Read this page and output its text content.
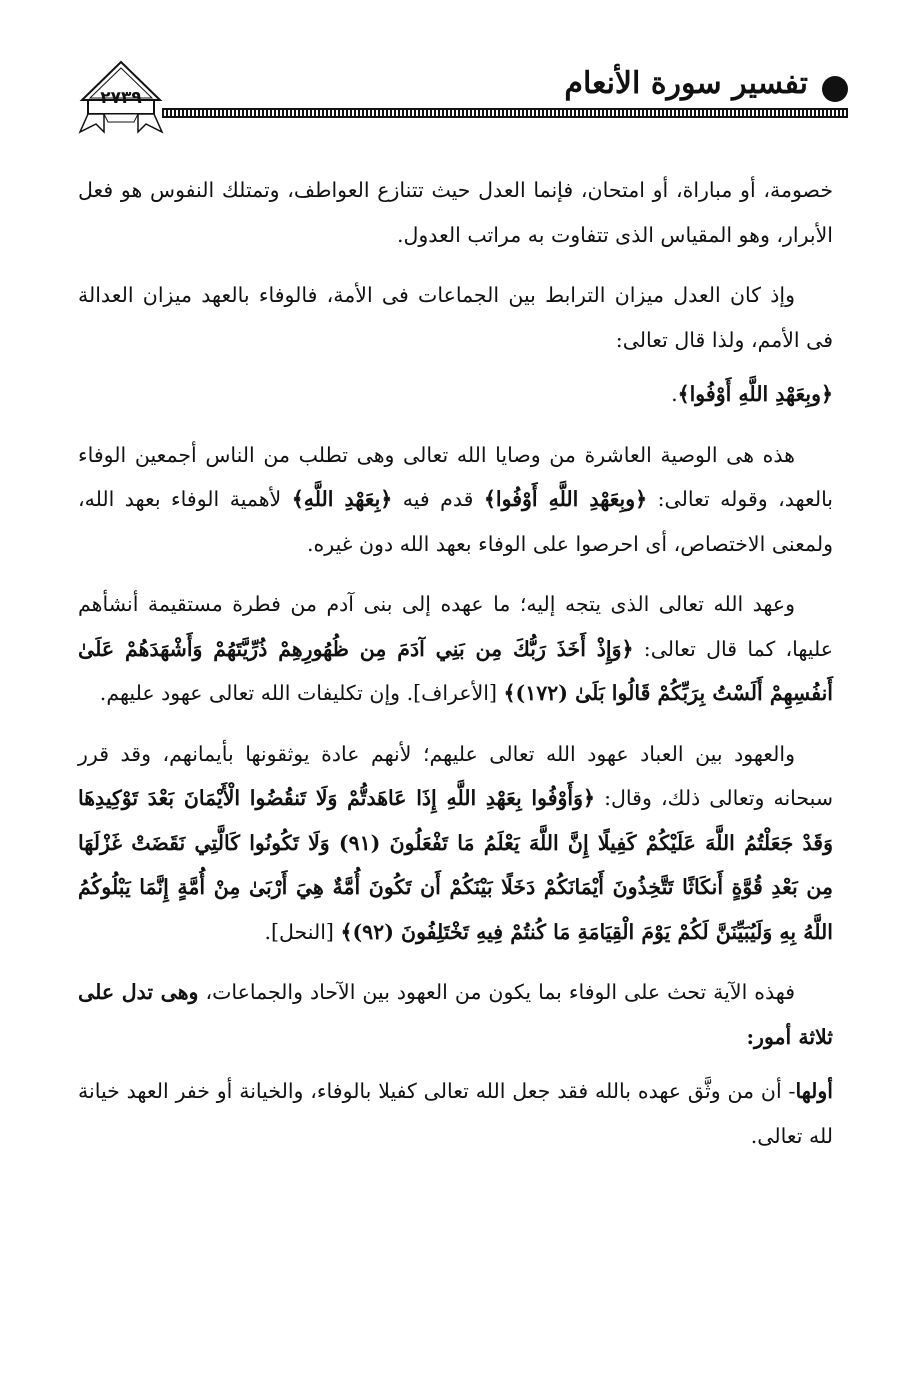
تفسير سورة الأنعام
٢٧٣٩

خصومة، أو مباراة، أو امتحان، فإنما العدل حيث تتنازع العواطف، وتمتلك النفوس هو فعل الأبرار، وهو المقياس الذى تتفاوت به مراتب العدول.

وإذ كان العدل ميزان الترابط بين الجماعات فى الأمة، فالوفاء بالعهد ميزان العدالة فى الأمم، ولذا قال تعالى:

﴿وبِعَهْدِ اللَّهِ أَوْفُوا﴾.

هذه هى الوصية العاشرة من وصايا الله تعالى وهى تطلب من الناس أجمعين الوفاء بالعهد، وقوله تعالى: ﴿وبِعَهْدِ اللَّهِ أَوْفُوا﴾ قدم فيه ﴿بِعَهْدِ اللَّهِ﴾ لأهمية الوفاء بعهد الله، ولمعنى الاختصاص، أى احرصوا على الوفاء بعهد الله دون غيره.

وعهد الله تعالى الذى يتجه إليه؛ ما عهده إلى بنى آدم من فطرة مستقيمة أنشأهم عليها، كما قال تعالى: ﴿وَإِذْ أَخَذَ رَبُّكَ مِن بَنِي آدَمَ مِن ظُهُورِهِمْ ذُرِّيَّتَهُمْ وَأَشْهَدَهُمْ عَلَىٰ أَنفُسِهِمْ أَلَسْتُ بِرَبِّكُمْ قَالُوا بَلَىٰ (١٧٢)﴾ [الأعراف]. وإن تكليفات الله تعالى عهود عليهم.

والعهود بين العباد عهود الله تعالى عليهم؛ لأنهم عادة يوثقونها بأيمانهم، وقد قرر سبحانه وتعالى ذلك، وقال: ﴿وَأَوْفُوا بِعَهْدِ اللَّهِ إِذَا عَاهَدتُّمْ وَلَا تَنقُضُوا الْأَيْمَانَ بَعْدَ تَوْكِيدِهَا وَقَدْ جَعَلْتُمُ اللَّهَ عَلَيْكُمْ كَفِيلًا إِنَّ اللَّهَ يَعْلَمُ مَا تَفْعَلُونَ (٩١) وَلَا تَكُونُوا كَالَّتِي نَقَضَتْ غَزْلَهَا مِن بَعْدِ قُوَّةٍ أَنكَاثًا تَتَّخِذُونَ أَيْمَانَكُمْ دَخَلًا بَيْنَكُمْ أَن تَكُونَ أُمَّةٌ هِيَ أَرْبَىٰ مِنْ أُمَّةٍ إِنَّمَا يَبْلُوكُمُ اللَّهُ بِهِ وَلَيُبَيِّنَنَّ لَكُمْ يَوْمَ الْقِيَامَةِ مَا كُنتُمْ فِيهِ تَخْتَلِفُونَ (٩٢)﴾ [النحل].

فهذه الآية تحث على الوفاء بما يكون من العهود بين الآحاد والجماعات، وهى تدل على ثلاثة أمور:

أولها- أن من وثَّق عهده بالله فقد جعل الله تعالى كفيلا بالوفاء، والخيانة أو خفر العهد خيانة لله تعالى.
